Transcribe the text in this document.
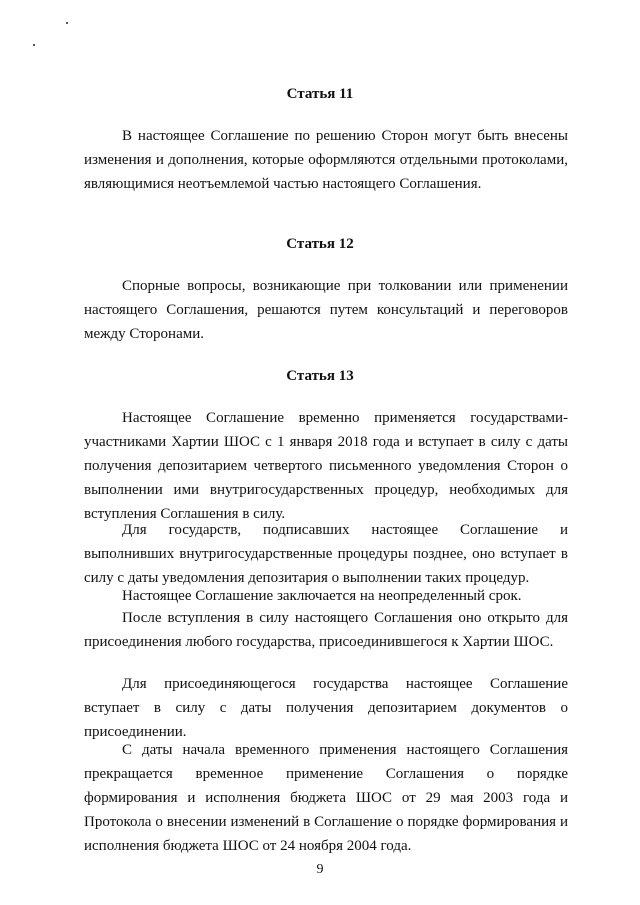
Статья 11

В настоящее Соглашение по решению Сторон могут быть внесены изменения и дополнения, которые оформляются отдельными протоколами, являющимися неотъемлемой частью настоящего Соглашения.

Статья 12

Спорные вопросы, возникающие при толковании или применении настоящего Соглашения, решаются путем консультаций и переговоров между Сторонами.

Статья 13

Настоящее Соглашение временно применяется государствами-участниками Хартии ШОС с 1 января 2018 года и вступает в силу с даты получения депозитарием четвертого письменного уведомления Сторон о выполнении ими внутригосударственных процедур, необходимых для вступления Соглашения в силу.

Для государств, подписавших настоящее Соглашение и выполнивших внутригосударственные процедуры позднее, оно вступает в силу с даты уведомления депозитария о выполнении таких процедур.

Настоящее Соглашение заключается на неопределенный срок.

После вступления в силу настоящего Соглашения оно открыто для присоединения любого государства, присоединившегося к Хартии ШОС.

Для присоединяющегося государства настоящее Соглашение вступает в силу с даты получения депозитарием документов о присоединении.

С даты начала временного применения настоящего Соглашения прекращается временное применение Соглашения о порядке формирования и исполнения бюджета ШОС от 29 мая 2003 года и Протокола о внесении изменений в Соглашение о порядке формирования и исполнения бюджета ШОС от 24 ноября 2004 года.

9
